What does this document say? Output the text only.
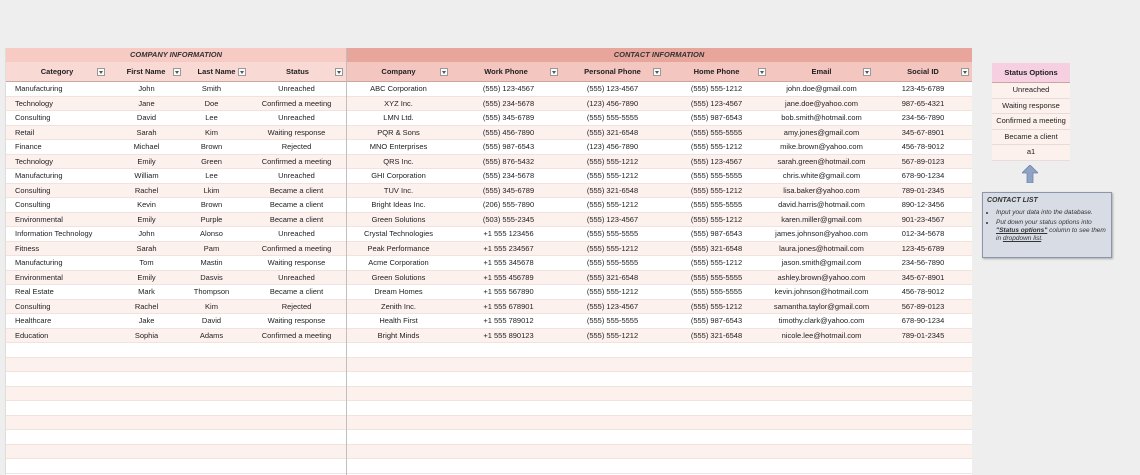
COMPANY INFORMATION	CONTACT INFORMATION
Category	First Name	Last Name	Status	Company	Work Phone	Personal Phone	Home Phone	Email	Social ID
Manufacturing	John	Smith	Unreached	ABC Corporation	(555) 123-4567	(555) 123-4567	(555) 555-1212	john.doe@gmail.com	123-45-6789
Technology	Jane	Doe	Confirmed a meeting	XYZ Inc.	(555) 234-5678	(123) 456-7890	(555) 123-4567	jane.doe@yahoo.com	987-65-4321
Consulting	David	Lee	Unreached	LMN Ltd.	(555) 345-6789	(555) 555-5555	(555) 987-6543	bob.smith@hotmail.com	234-56-7890
Retail	Sarah	Kim	Waiting response	PQR & Sons	(555) 456-7890	(555) 321-6548	(555) 555-5555	amy.jones@gmail.com	345-67-8901
Finance	Michael	Brown	Rejected	MNO Enterprises	(555) 987-6543	(123) 456-7890	(555) 555-1212	mike.brown@yahoo.com	456-78-9012
Technology	Emily	Green	Confirmed a meeting	QRS Inc.	(555) 876-5432	(555) 555-1212	(555) 123-4567	sarah.green@hotmail.com	567-89-0123
Manufacturing	William	Lee	Unreached	GHI Corporation	(555) 234-5678	(555) 555-1212	(555) 555-5555	chris.white@gmail.com	678-90-1234
Consulting	Rachel	Lkim	Became a client	TUV Inc.	(555) 345-6789	(555) 321-6548	(555) 555-1212	lisa.baker@yahoo.com	789-01-2345
Consulting	Kevin	Brown	Became a client	Bright Ideas Inc.	(206) 555-7890	(555) 555-1212	(555) 555-5555	david.harris@hotmail.com	890-12-3456
Environmental	Emily	Purple	Became a client	Green Solutions	(503) 555-2345	(555) 123-4567	(555) 555-1212	karen.miller@gmail.com	901-23-4567
Information Technology	John	Alonso	Unreached	Crystal Technologies	+1 555 123456	(555) 555-5555	(555) 987-6543	james.johnson@yahoo.com	012-34-5678
Fitness	Sarah	Pam	Confirmed a meeting	Peak Performance	+1 555 234567	(555) 555-1212	(555) 321-6548	laura.jones@hotmail.com	123-45-6789
Manufacturing	Tom	Mastin	Waiting response	Acme Corporation	+1 555 345678	(555) 555-5555	(555) 555-1212	jason.smith@gmail.com	234-56-7890
Environmental	Emily	Dasvis	Unreached	Green Solutions	+1 555 456789	(555) 321-6548	(555) 555-5555	ashley.brown@yahoo.com	345-67-8901
Real Estate	Mark	Thompson	Became a client	Dream Homes	+1 555 567890	(555) 555-1212	(555) 555-5555	kevin.johnson@hotmail.com	456-78-9012
Consulting	Rachel	Kim	Rejected	Zenith Inc.	+1 555 678901	(555) 123-4567	(555) 555-1212	samantha.taylor@gmail.com	567-89-0123
Healthcare	Jake	David	Waiting response	Health First	+1 555 789012	(555) 555-5555	(555) 987-6543	timothy.clark@yahoo.com	678-90-1234
Education	Sophia	Adams	Confirmed a meeting	Bright Minds	+1 555 890123	(555) 555-1212	(555) 321-6548	nicole.lee@hotmail.com	789-01-2345
Status Options
Unreached
Waiting response
Confirmed a meeting
Became a client
a1
CONTACT LIST
• Input your data into the database.
• Put down your status options into "Status options" column to see them in dropdown list.
